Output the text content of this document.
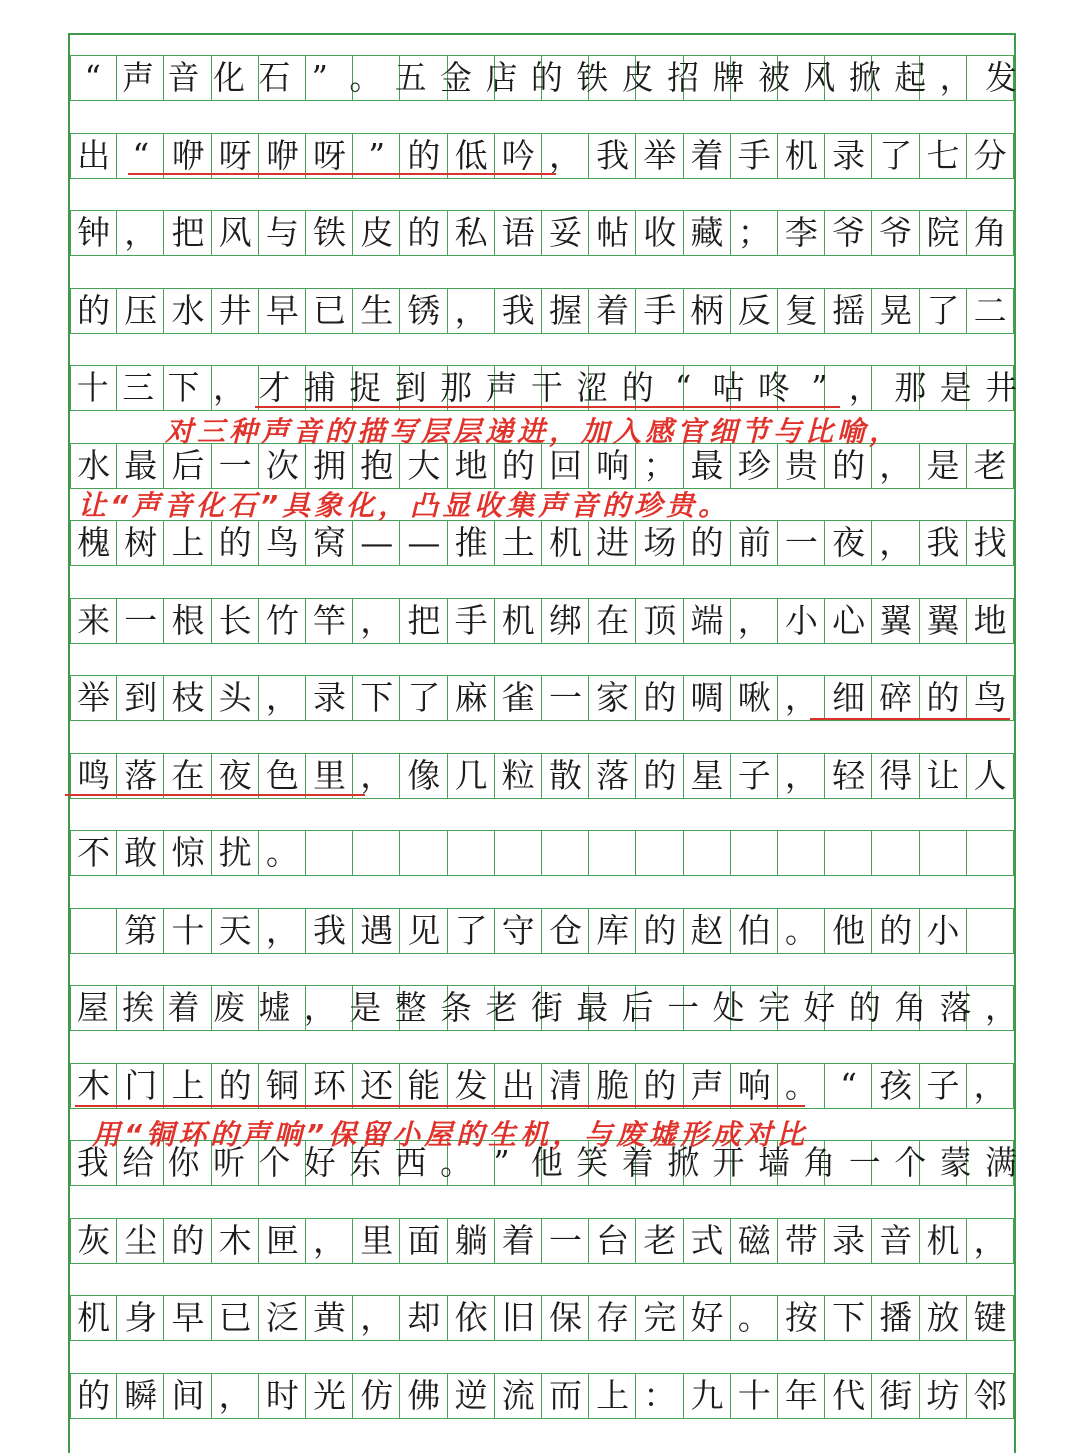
“ 声 音 化 石 ” 。 五 金 店 的 铁 皮 招 牌 被 风 掀 起 ， 发
出 “ 咿 呀 咿 呀 ” 的 低 吟 ， 我 举 着 手 机 录 了 七 分
钟 ， 把 风 与 铁 皮 的 私 语 妥 帖 收 藏 ； 李 爷 爷 院 角
的 压 水 井 早 已 生 锈 ， 我 握 着 手 柄 反 复 摇 晃 了 二
十 三 下 ， 才 捕 捉 到 那 声 干 涩 的 “ 咕 咚 ” ， 那 是 井
水 最 后 一 次 拥 抱 大 地 的 回 响 ； 最 珍 贵 的 ， 是 老
槐 树 上 的 鸟 窝 — — 推 土 机 进 场 的 前 一 夜 ， 我 找
来 一 根 长 竹 竿 ， 把 手 机 绑 在 顶 端 ， 小 心 翼 翼 地
举 到 枝 头 ， 录 下 了 麻 雀 一 家 的 啁 啾 ， 细 碎 的 鸟
鸣 落 在 夜 色 里 ， 像 几 粒 散 落 的 星 子 ， 轻 得 让 人
不 敢 惊 扰 。

第 十 天 ， 我 遇 见 了 守 仓 库 的 赵 伯 。 他 的 小
屋 挨 着 废 墟 ， 是 整 条 老 街 最 后 一 处 完 好 的 角 落 ，
木 门 上 的 铜 环 还 能 发 出 清 脆 的 声 响 。 “ 孩 子 ，
我 给 你 听 个 好 东 西 。 ” 他 笑 着 掀 开 墙 角 一 个 蒙 满
灰 尘 的 木 匣 ， 里 面 躺 着 一 台 老 式 磁 带 录 音 机 ，
机 身 早 已 泛 黄 ， 却 依 旧 保 存 完 好 。 按 下 播 放 键
的 瞬 间 ， 时 光 仿 佛 逆 流 而 上 ： 九 十 年 代 街 坊 邻
对三种声音的描写层层递进，加入感官细节与比喻，
让“声音化石”具象化，凸显收集声音的珍贵。
用“铜环的声响”保留小屋的生机，与废墟形成对比
